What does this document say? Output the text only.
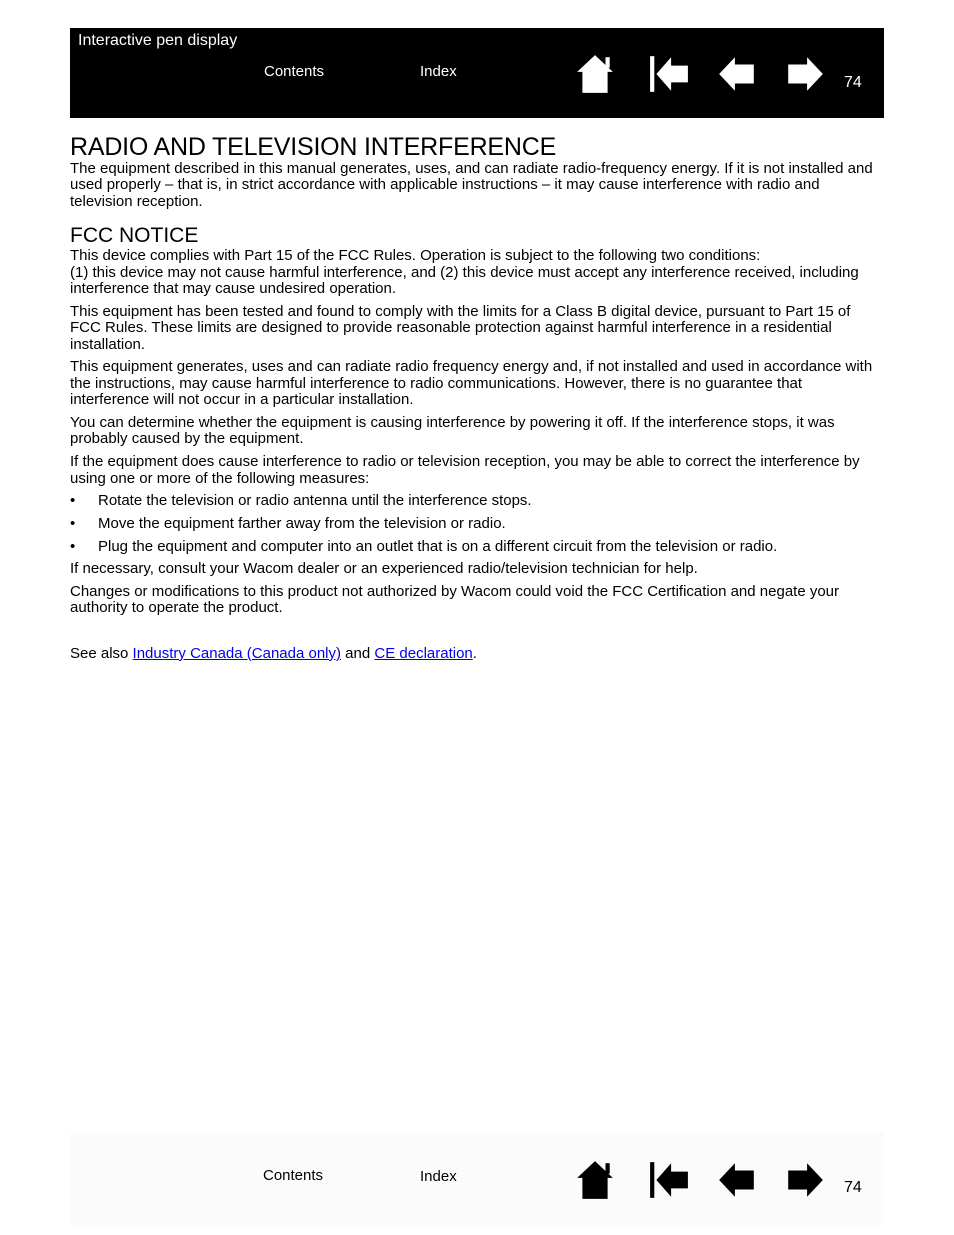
Interactive pen display
Contents	Index
74
RADIO AND TELEVISION INTERFERENCE

The equipment described in this manual generates, uses, and can radiate radio-frequency energy. If it is not installed and used properly – that is, in strict accordance with applicable instructions – it may cause interference with radio and television reception.

FCC NOTICE

This device complies with Part 15 of the FCC Rules. Operation is subject to the following two conditions:
(1) this device may not cause harmful interference, and (2) this device must accept any interference received, including interference that may cause undesired operation.

This equipment has been tested and found to comply with the limits for a Class B digital device, pursuant to Part 15 of FCC Rules. These limits are designed to provide reasonable protection against harmful interference in a residential installation.

This equipment generates, uses and can radiate radio frequency energy and, if not installed and used in accordance with the instructions, may cause harmful interference to radio communications. However, there is no guarantee that interference will not occur in a particular installation.

You can determine whether the equipment is causing interference by powering it off. If the interference stops, it was probably caused by the equipment.

If the equipment does cause interference to radio or television reception, you may be able to correct the interference by using one or more of the following measures:

• Rotate the television or radio antenna until the interference stops.
• Move the equipment farther away from the television or radio.
• Plug the equipment and computer into an outlet that is on a different circuit from the television or radio.

If necessary, consult your Wacom dealer or an experienced radio/television technician for help.

Changes or modifications to this product not authorized by Wacom could void the FCC Certification and negate your authority to operate the product.

See also Industry Canada (Canada only) and CE declaration.

Contents	Index
74
